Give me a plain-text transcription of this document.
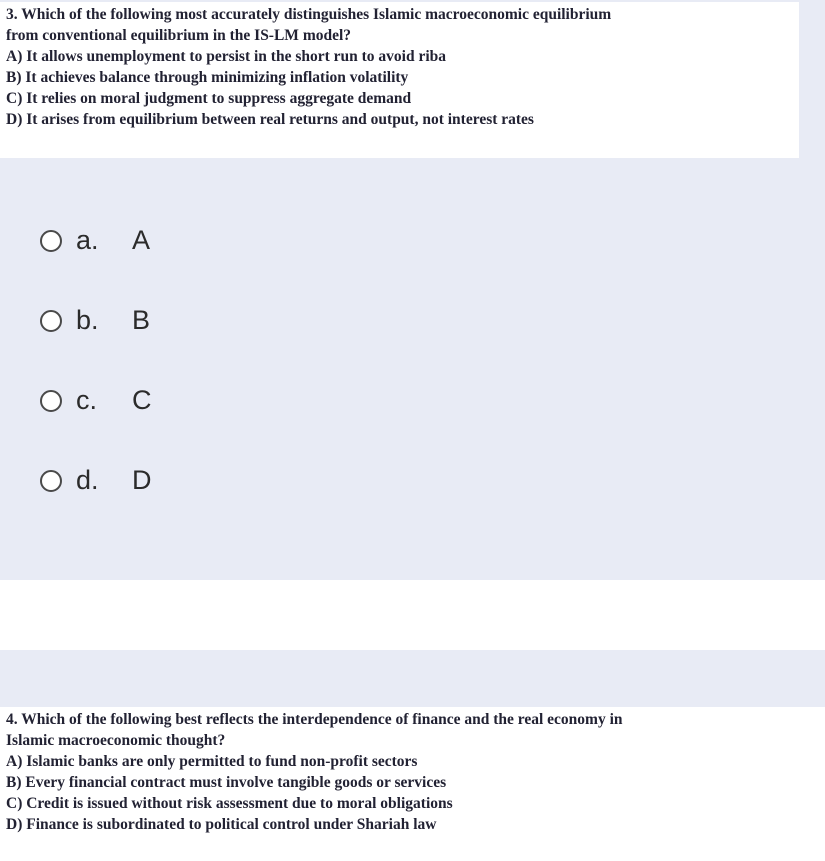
3. Which of the following most accurately distinguishes Islamic macroeconomic equilibrium
from conventional equilibrium in the IS-LM model?
A) It allows unemployment to persist in the short run to avoid riba
B) It achieves balance through minimizing inflation volatility
C) It relies on moral judgment to suppress aggregate demand
D) It arises from equilibrium between real returns and output, not interest rates
a.	A
b.	B
c.	C
d.	D
4. Which of the following best reflects the interdependence of finance and the real economy in
Islamic macroeconomic thought?
A) Islamic banks are only permitted to fund non-profit sectors
B) Every financial contract must involve tangible goods or services
C) Credit is issued without risk assessment due to moral obligations
D) Finance is subordinated to political control under Shariah law
